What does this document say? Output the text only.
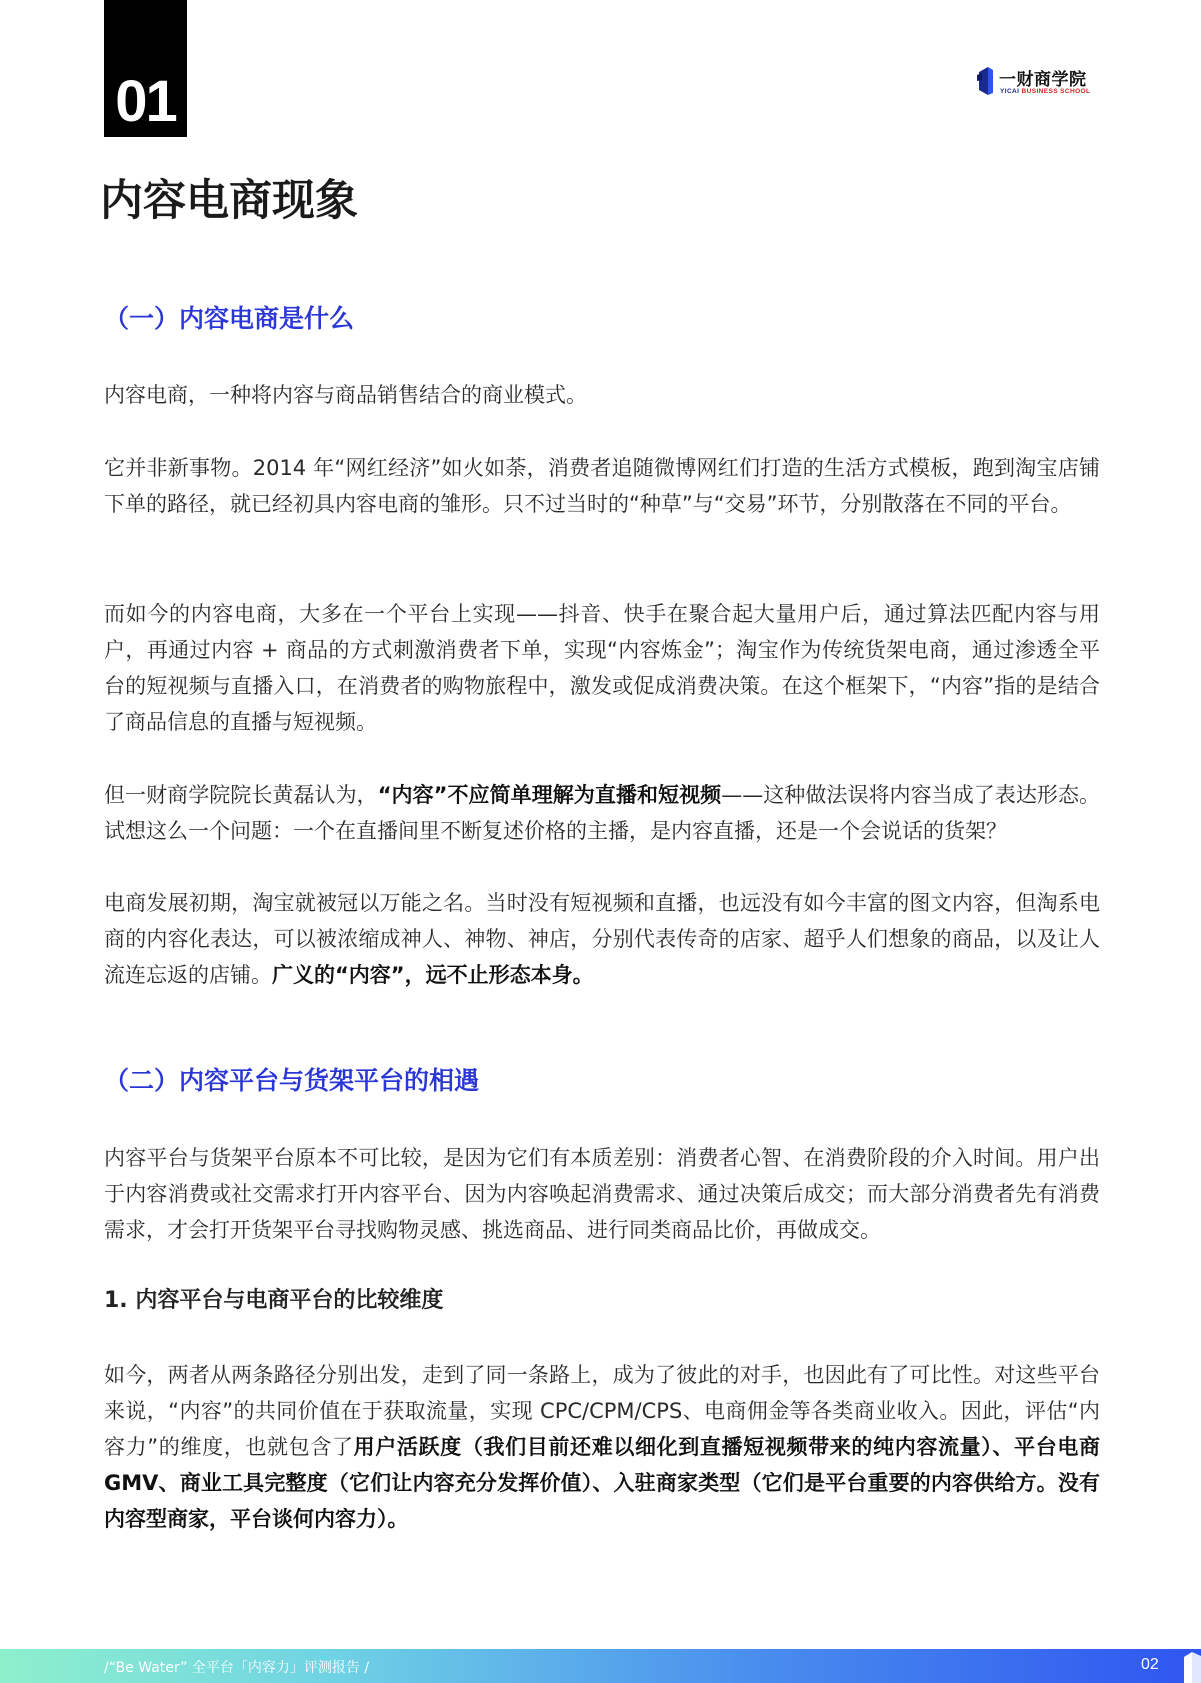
01	一财商学院
YICAI BUSINESS SCHOOL
内容电商现象
（一）内容电商是什么

内容电商，一种将内容与商品销售结合的商业模式。

它并非新事物。2014 年“网红经济”如火如荼，消费者追随微博网红们打造的生活方式模板，跑到淘宝店铺下单的路径，就已经初具内容电商的雏形。只不过当时的“种草”与“交易”环节，分别散落在不同的平台。

而如今的内容电商，大多在一个平台上实现——抖音、快手在聚合起大量用户后，通过算法匹配内容与用户，再通过内容 + 商品的方式刺激消费者下单，实现“内容炼金”；淘宝作为传统货架电商，通过渗透全平台的短视频与直播入口，在消费者的购物旅程中，激发或促成消费决策。在这个框架下，“内容”指的是结合了商品信息的直播与短视频。

但一财商学院院长黄磊认为，“内容”不应简单理解为直播和短视频——这种做法误将内容当成了表达形态。试想这么一个问题：一个在直播间里不断复述价格的主播，是内容直播，还是一个会说话的货架？

电商发展初期，淘宝就被冠以万能之名。当时没有短视频和直播，也远没有如今丰富的图文内容，但淘系电商的内容化表达，可以被浓缩成神人、神物、神店，分别代表传奇的店家、超乎人们想象的商品，以及让人流连忘返的店铺。广义的“内容”，远不止形态本身。

（二）内容平台与货架平台的相遇

内容平台与货架平台原本不可比较，是因为它们有本质差别：消费者心智、在消费阶段的介入时间。用户出于内容消费或社交需求打开内容平台、因为内容唤起消费需求、通过决策后成交；而大部分消费者先有消费需求，才会打开货架平台寻找购物灵感、挑选商品、进行同类商品比价，再做成交。

1. 内容平台与电商平台的比较维度

如今，两者从两条路径分别出发，走到了同一条路上，成为了彼此的对手，也因此有了可比性。对这些平台来说，“内容”的共同价值在于获取流量，实现 CPC/CPM/CPS、电商佣金等各类商业收入。因此，评估“内容力”的维度，也就包含了用户活跃度（我们目前还难以细化到直播短视频带来的纯内容流量）、平台电商 GMV、商业工具完整度（它们让内容充分发挥价值）、入驻商家类型（它们是平台重要的内容供给方。没有内容型商家，平台谈何内容力）。

/“Be Water” 全平台「内容力」评测报告 /	02
